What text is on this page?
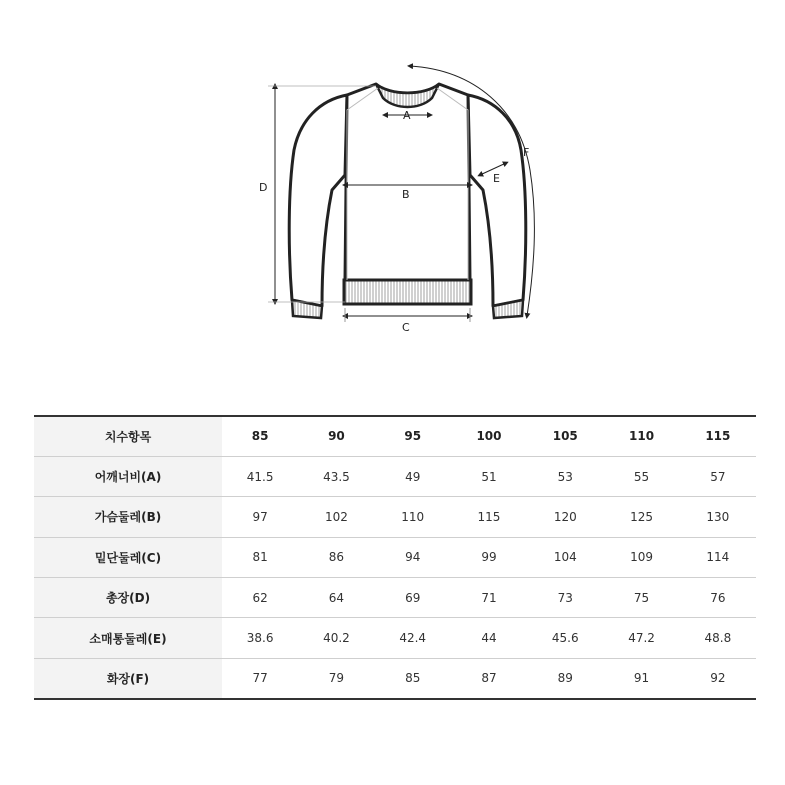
A
B
C
D
E
F
치수항목	85	90	95	100	105	110	115
어깨너비(A)	41.5	43.5	49	51	53	55	57
가슴둘레(B)	97	102	110	115	120	125	130
밑단둘레(C)	81	86	94	99	104	109	114
총장(D)	62	64	69	71	73	75	76
소매통둘레(E)	38.6	40.2	42.4	44	45.6	47.2	48.8
화장(F)	77	79	85	87	89	91	92
